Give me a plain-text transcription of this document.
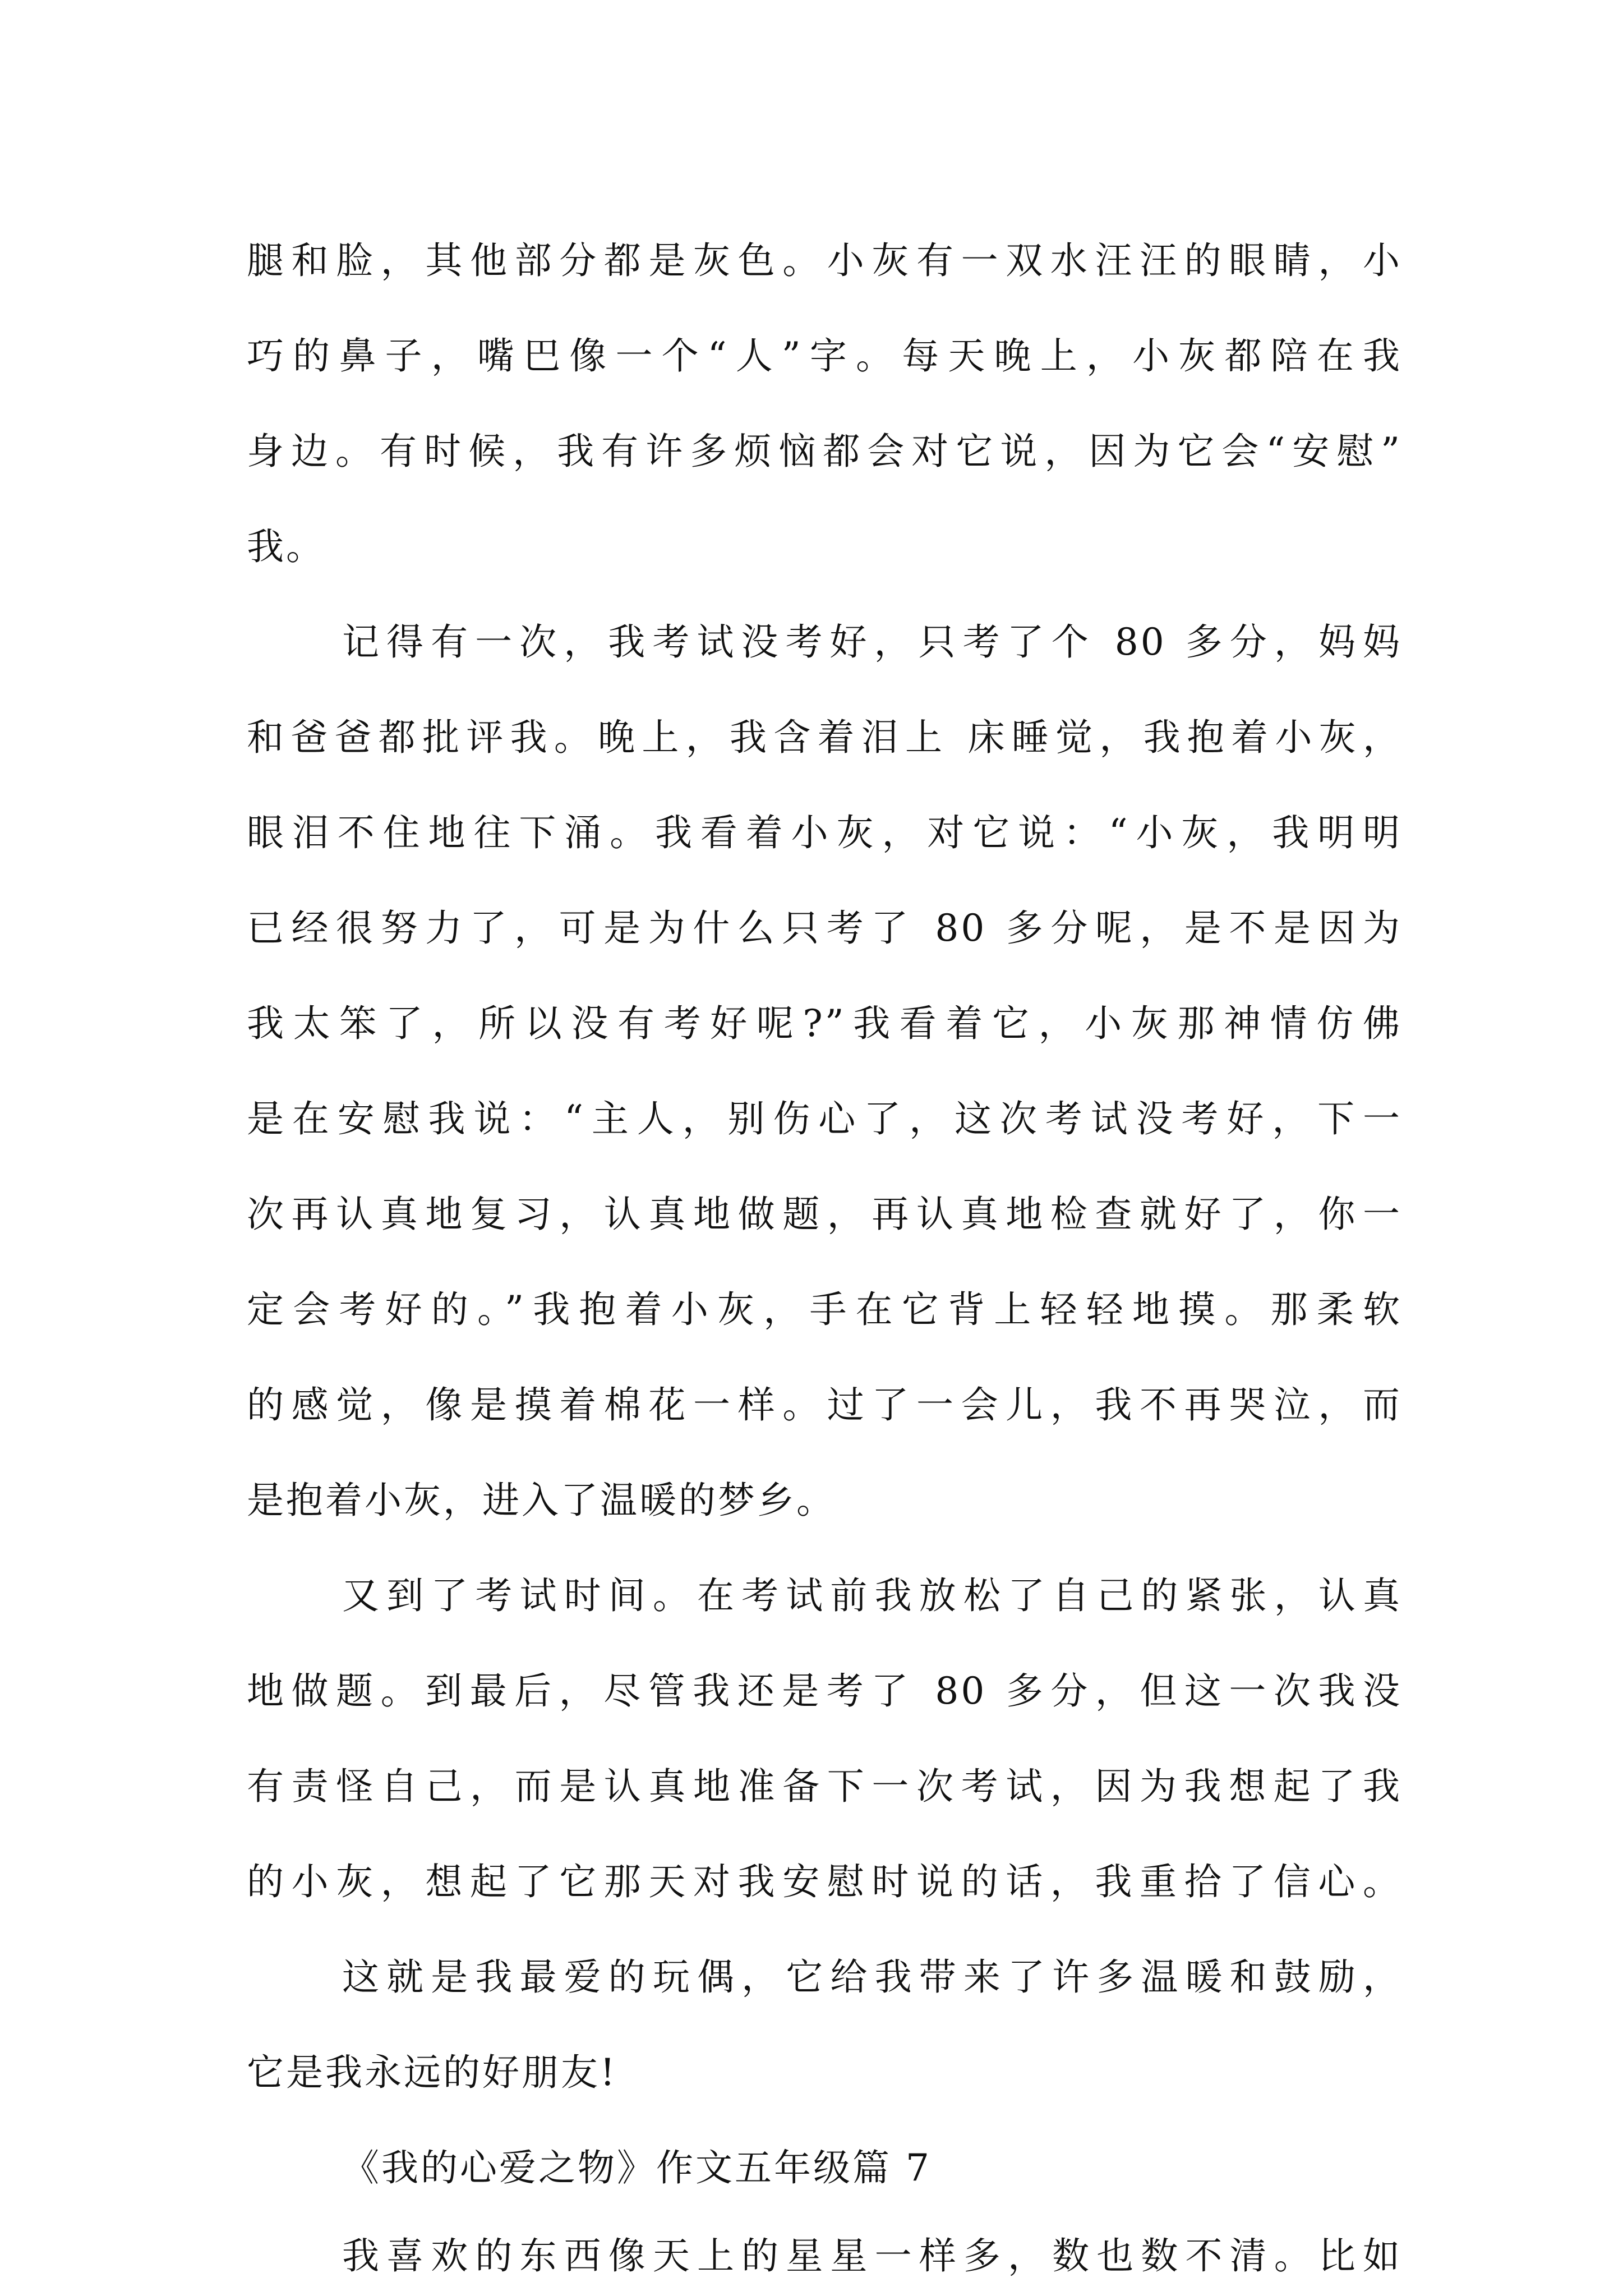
腿和脸，其他部分都是灰色。小灰有一双水汪汪的眼睛，小
巧的鼻子，嘴巴像一个“人”字。每天晚上，小灰都陪在我
身边。有时候，我有许多烦恼都会对它说，因为它会“安慰”
我。
记得有一次，我考试没考好，只考了个 80 多分，妈妈
和爸爸都批评我。晚上，我含着泪上 床睡觉，我抱着小灰，
眼泪不住地往下涌。我看着小灰，对它说：“小灰，我明明
已经很努力了，可是为什么只考了 80 多分呢，是不是因为
我太笨了，所以没有考好呢?”我看着它，小灰那神情仿佛
是在安慰我说：“主人，别伤心了，这次考试没考好，下一
次再认真地复习，认真地做题，再认真地检查就好了，你一
定会考好的。”我抱着小灰，手在它背上轻轻地摸。那柔软
的感觉，像是摸着棉花一样。过了一会儿，我不再哭泣，而
是抱着小灰，进入了温暖的梦乡。
又到了考试时间。在考试前我放松了自己的紧张，认真
地做题。到最后，尽管我还是考了 80 多分，但这一次我没
有责怪自己，而是认真地准备下一次考试，因为我想起了我
的小灰，想起了它那天对我安慰时说的话，我重拾了信心。
这就是我最爱的玩偶，它给我带来了许多温暖和鼓励，
它是我永远的好朋友!
《我的心爱之物》作文五年级篇 7
我喜欢的东西像天上的星星一样多，数也数不清。比如
